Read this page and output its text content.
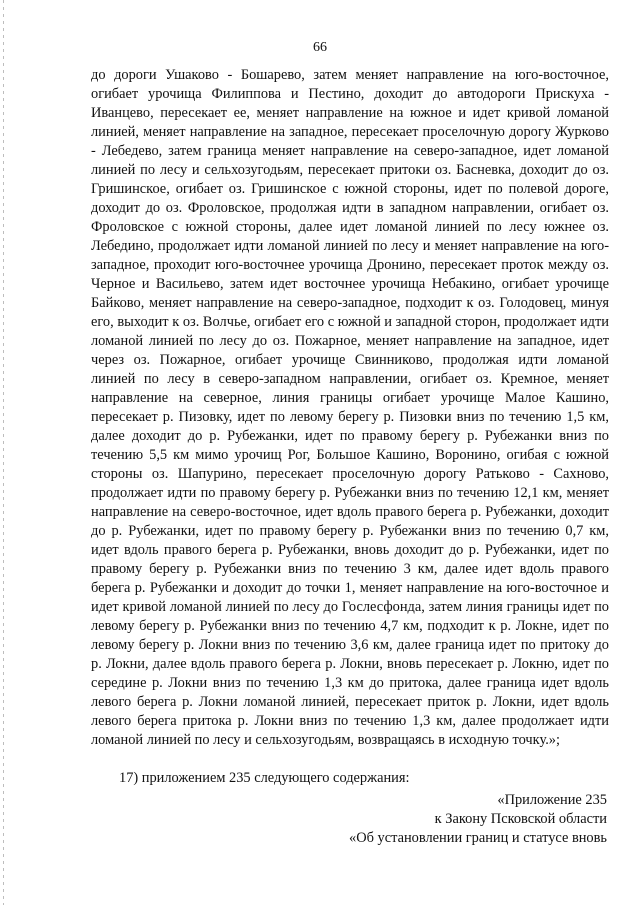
66

до дороги Ушаково - Бошарево, затем меняет направление на юго-восточное, огибает урочища Филиппова и Пестино, доходит до автодороги Прискуха - Иванцево, пересекает ее, меняет направление на южное и идет кривой ломаной линией, меняет направление на западное, пересекает проселочную дорогу Журково - Лебедево, затем граница меняет направление на северо-западное, идет ломаной линией по лесу и сельхозугодьям, пересекает притоки оз. Басневка, доходит до оз. Гришинское, огибает оз. Гришинское с южной стороны, идет по полевой дороге, доходит до оз. Фроловское, продолжая идти в западном направлении, огибает оз. Фроловское с южной стороны, далее идет ломаной линией по лесу южнее оз. Лебедино, продолжает идти ломаной линией по лесу и меняет направление на юго-западное, проходит юго-восточнее урочища Дронино, пересекает проток между оз. Черное и Васильево, затем идет восточнее урочища Небакино, огибает урочище Байково, меняет направление на северо-западное, подходит к оз. Голодовец, минуя его, выходит к оз. Волчье, огибает его с южной и западной сторон, продолжает идти ломаной линией по лесу до оз. Пожарное, меняет направление на западное, идет через оз. Пожарное, огибает урочище Свинниково, продолжая идти ломаной линией по лесу в северо-западном направлении, огибает оз. Кремное, меняет направление на северное, линия границы огибает урочище Малое Кашино, пересекает р. Пизовку, идет по левому берегу р. Пизовки вниз по течению 1,5 км, далее доходит до р. Рубежанки, идет по правому берегу р. Рубежанки вниз по течению 5,5 км мимо урочищ Рог, Большое Кашино, Воронино, огибая с южной стороны оз. Шапурино, пересекает проселочную дорогу Ратьково - Сахново, продолжает идти по правому берегу р. Рубежанки вниз по течению 12,1 км, меняет направление на северо-восточное, идет вдоль правого берега р. Рубежанки, доходит до р. Рубежанки, идет по правому берегу р. Рубежанки вниз по течению 0,7 км, идет вдоль правого берега р. Рубежанки, вновь доходит до р. Рубежанки, идет по правому берегу р. Рубежанки вниз по течению 3 км, далее идет вдоль правого берега р. Рубежанки и доходит до точки 1, меняет направление на юго-восточное и идет кривой ломаной линией по лесу до Гослесфонда, затем линия границы идет по левому берегу р. Рубежанки вниз по течению 4,7 км, подходит к р. Локне, идет по левому берегу р. Локни вниз по течению 3,6 км, далее граница идет по притоку до р. Локни, далее вдоль правого берега р. Локни, вновь пересекает р. Локню, идет по середине р. Локни вниз по течению 1,3 км до притока, далее граница идет вдоль левого берега р. Локни ломаной линией, пересекает приток р. Локни, идет вдоль левого берега притока р. Локни вниз по течению 1,3 км, далее продолжает идти ломаной линией по лесу и сельхозугодьям, возвращаясь в исходную точку.»;

17) приложением 235 следующего содержания:

«Приложение 235
к Закону Псковской области
«Об установлении границ и статусе вновь
